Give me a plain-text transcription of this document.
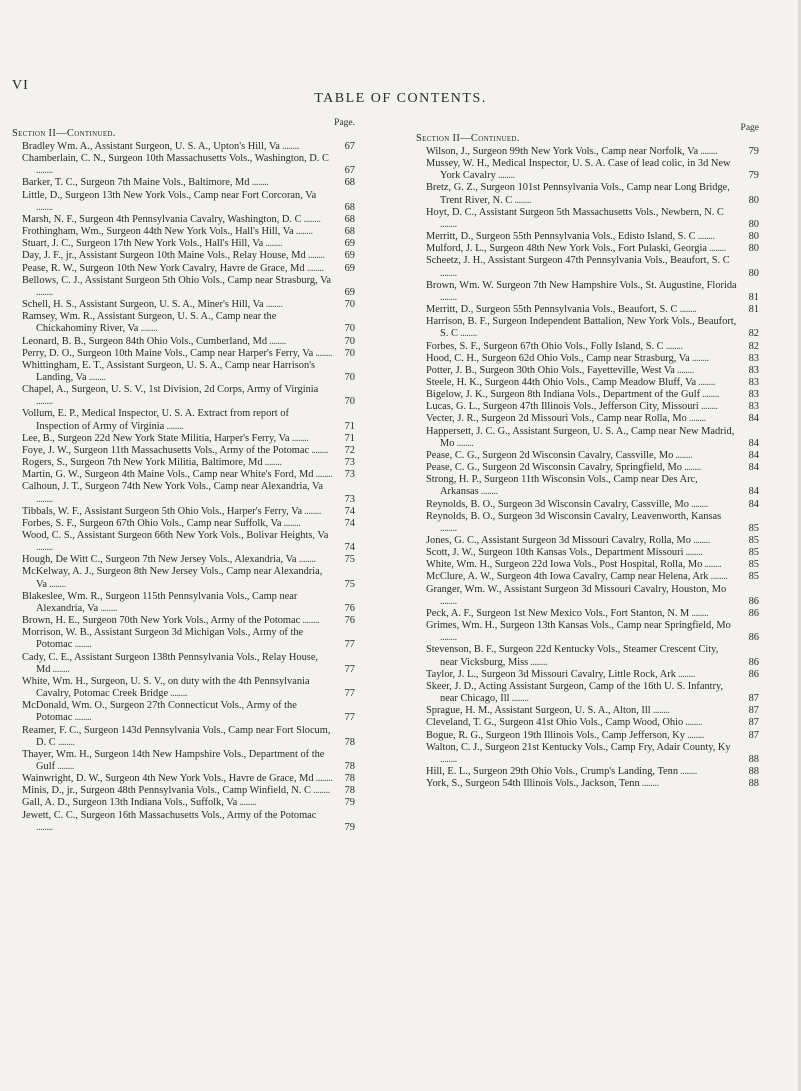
VI
TABLE OF CONTENTS.
Page.
Section II—Continued.
Bradley Wm. A., Assistant Surgeon, U. S. A., Upton's Hill, Va ........	67
Chamberlain, C. N., Surgeon 10th Massachusetts Vols., Washington, D. C ........	67
Barker, T. C., Surgeon 7th Maine Vols., Baltimore, Md ........	68
Little, D., Surgeon 13th New York Vols., Camp near Fort Corcoran, Va ........	68
Marsh, N. F., Surgeon 4th Pennsylvania Cavalry, Washington, D. C ........ 68
Frothingham, Wm., Surgeon 44th New York Vols., Hall's Hill, Va ........	68
Stuart, J. C., Surgeon 17th New York Vols., Hall's Hill, Va ........	69
Day, J. F., jr., Assistant Surgeon 10th Maine Vols., Relay House, Md ........ 69
Pease, R. W., Surgeon 10th New York Cavalry, Havre de Grace, Md ........ 69
Bellows, C. J., Assistant Surgeon 5th Ohio Vols., Camp near Strasburg, Va ........	69
Schell, H. S., Assistant Surgeon, U. S. A., Miner's Hill, Va ........	70
Ramsey, Wm. R., Assistant Surgeon, U. S. A., Camp near the Chickahominy River, Va ........	70
Leonard, B. B., Surgeon 84th Ohio Vols., Cumberland, Md ........	70
Perry, D. O., Surgeon 10th Maine Vols., Camp near Harper's Ferry, Va ........ 70
Whittingham, E. T., Assistant Surgeon, U. S. A., Camp near Harrison's Landing, Va ........	70
Chapel, A., Surgeon, U. S. V., 1st Division, 2d Corps, Army of Virginia ........	70
Vollum, E. P., Medical Inspector, U. S. A. Extract from report of Inspection of Army of Virginia ........	71
Lee, B., Surgeon 22d New York State Militia, Harper's Ferry, Va ........	71
Foye, J. W., Surgeon 11th Massachusetts Vols., Army of the Potomac ........ 72
Rogers, S., Surgeon 7th New York Militia, Baltimore, Md ........	73
Martin, G. W., Surgeon 4th Maine Vols., Camp near White's Ford, Md ........ 73
Calhoun, J. T., Surgeon 74th New York Vols., Camp near Alexandria, Va ........	73
Tibbals, W. F., Assistant Surgeon 5th Ohio Vols., Harper's Ferry, Va ........ 74
Forbes, S. F., Surgeon 67th Ohio Vols., Camp near Suffolk, Va ........	74
Wood, C. S., Assistant Surgeon 66th New York Vols., Bolivar Heights, Va ........	74
Hough, De Witt C., Surgeon 7th New Jersey Vols., Alexandria, Va ........	75
McKelway, A. J., Surgeon 8th New Jersey Vols., Camp near Alexandria, Va ........	75
Blakeslee, Wm. R., Surgeon 115th Pennsylvania Vols., Camp near Alexandria, Va ........	76
Brown, H. E., Surgeon 70th New York Vols., Army of the Potomac ........ 76
Morrison, W. B., Assistant Surgeon 3d Michigan Vols., Army of the Potomac ........	77
Cady, C. E., Assistant Surgeon 138th Pennsylvania Vols., Relay House, Md ........	77
White, Wm. H., Surgeon, U. S. V., on duty with the 4th Pennsylvania Cavalry, Potomac Creek Bridge ........	77
McDonald, Wm. O., Surgeon 27th Connecticut Vols., Army of the Potomac ........	77
Reamer, F. C., Surgeon 143d Pennsylvania Vols., Camp near Fort Slocum, D. C ........	78
Thayer, Wm. H., Surgeon 14th New Hampshire Vols., Department of the Gulf ........	78
Wainwright, D. W., Surgeon 4th New York Vols., Havre de Grace, Md ........ 78
Minis, D., jr., Surgeon 48th Pennsylvania Vols., Camp Winfield, N. C ........ 78
Gall, A. D., Surgeon 13th Indiana Vols., Suffolk, Va ........	79
Jewett, C. C., Surgeon 16th Massachusetts Vols., Army of the Potomac ........	79
Page
Section II—Continued.
Wilson, J., Surgeon 99th New York Vols., Camp near Norfolk, Va ........	79
Mussey, W. H., Medical Inspector, U. S. A. Case of lead colic, in 3d New York Cavalry ........	79
Bretz, G. Z., Surgeon 101st Pennsylvania Vols., Camp near Long Bridge, Trent River, N. C ........	80
Hoyt, D. C., Assistant Surgeon 5th Massachusetts Vols., Newbern, N. C ........	80
Merritt, D., Surgeon 55th Pennsylvania Vols., Edisto Island, S. C ........	80
Mulford, J. L., Surgeon 48th New York Vols., Fort Pulaski, Georgia ........ 80
Scheetz, J. H., Assistant Surgeon 47th Pennsylvania Vols., Beaufort, S. C ........	80
Brown, Wm. W. Surgeon 7th New Hampshire Vols., St. Augustine, Florida ........	81
Merritt, D., Surgeon 55th Pennsylvania Vols., Beaufort, S. C ........	81
Harrison, B. F., Surgeon Independent Battalion, New York Vols., Beaufort, S. C ........	82
Forbes, S. F., Surgeon 67th Ohio Vols., Folly Island, S. C ........	82
Hood, C. H., Surgeon 62d Ohio Vols., Camp near Strasburg, Va ........	83
Potter, J. B., Surgeon 30th Ohio Vols., Fayetteville, West Va ........	83
Steele, H. K., Surgeon 44th Ohio Vols., Camp Meadow Bluff, Va ........	83
Bigelow, J. K., Surgeon 8th Indiana Vols., Department of the Gulf ........	83
Lucas, G. L., Surgeon 47th Illinois Vols., Jefferson City, Missouri ........	83
Vecter, J. R., Surgeon 2d Missouri Vols., Camp near Rolla, Mo ........	84
Happersett, J. C. G., Assistant Surgeon, U. S. A., Camp near New Madrid, Mo ........	84
Pease, C. G., Surgeon 2d Wisconsin Cavalry, Cassville, Mo ........	84
Pease, C. G., Surgeon 2d Wisconsin Cavalry, Springfield, Mo ........	84
Strong, H. P., Surgeon 11th Wisconsin Vols., Camp near Des Arc, Arkansas ........	84
Reynolds, B. O., Surgeon 3d Wisconsin Cavalry, Cassville, Mo ........	84
Reynolds, B. O., Surgeon 3d Wisconsin Cavalry, Leavenworth, Kansas ........	85
Jones, G. C., Assistant Surgeon 3d Missouri Cavalry, Rolla, Mo ........	85
Scott, J. W., Surgeon 10th Kansas Vols., Department Missouri ........	85
White, Wm. H., Surgeon 22d Iowa Vols., Post Hospital, Rolla, Mo ........	85
McClure, A. W., Surgeon 4th Iowa Cavalry, Camp near Helena, Ark ........ 85
Granger, Wm. W., Assistant Surgeon 3d Missouri Cavalry, Houston, Mo ........	86
Peck, A. F., Surgeon 1st New Mexico Vols., Fort Stanton, N. M ........	86
Grimes, Wm. H., Surgeon 13th Kansas Vols., Camp near Springfield, Mo ........	86
Stevenson, B. F., Surgeon 22d Kentucky Vols., Steamer Crescent City, near Vicksburg, Miss ........	86
Taylor, J. L., Surgeon 3d Missouri Cavalry, Little Rock, Ark ........	86
Skeer, J. D., Acting Assistant Surgeon, Camp of the 16th U. S. Infantry, near Chicago, Ill ........	87
Sprague, H. M., Assistant Surgeon, U. S. A., Alton, Ill ........	87
Cleveland, T. G., Surgeon 41st Ohio Vols., Camp Wood, Ohio ........	87
Bogue, R. G., Surgeon 19th Illinois Vols., Camp Jefferson, Ky ........	87
Walton, C. J., Surgeon 21st Kentucky Vols., Camp Fry, Adair County, Ky ........	88
Hill, E. L., Surgeon 29th Ohio Vols., Crump's Landing, Tenn ........	88
York, S., Surgeon 54th Illinois Vols., Jackson, Tenn ........	88
